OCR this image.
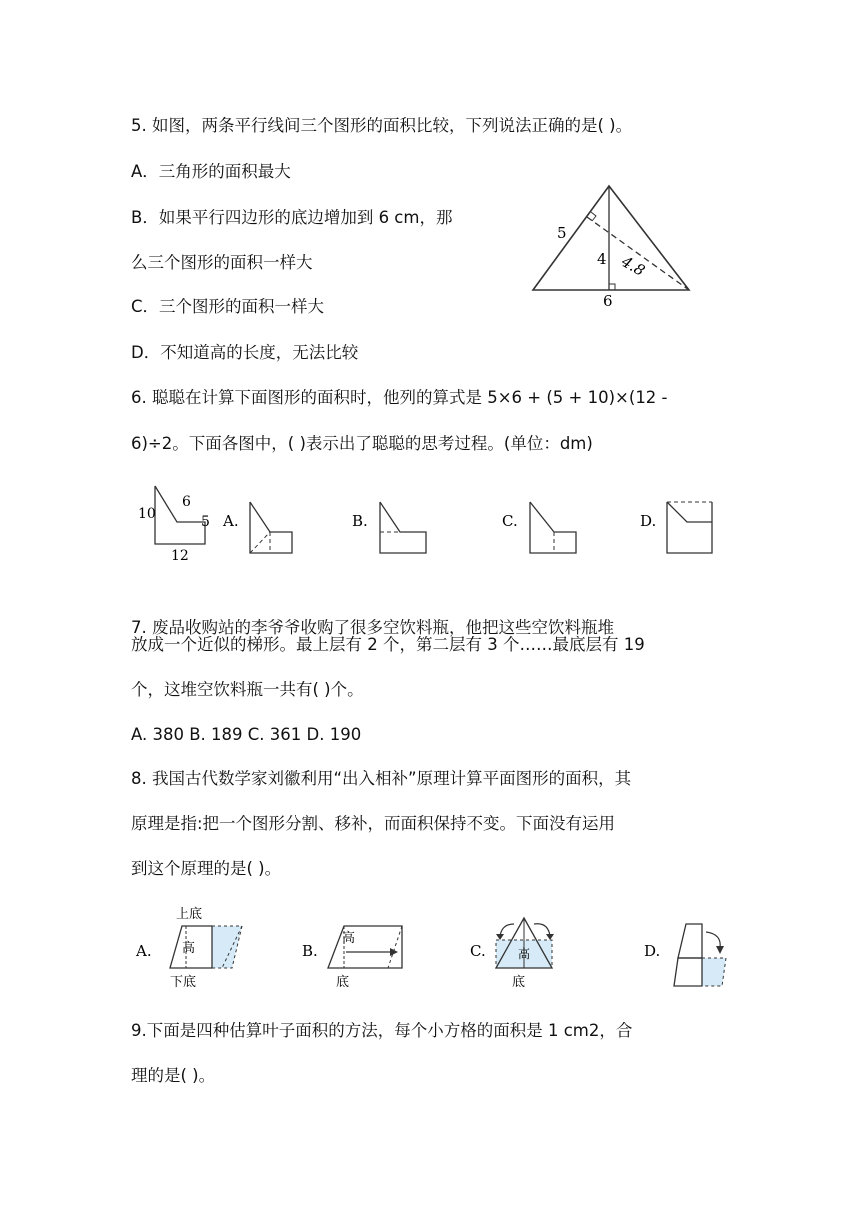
5. 如图，两条平行线间三个图形的面积比较，下列说法正确的是( )。
A．三角形的面积最大
B．如果平行四边形的底边增加到 6 cm，那
么三个图形的面积一样大
C．三个图形的面积一样大
D．不知道高的长度，无法比较
5
4 4.8
6
6. 聪聪在计算下面图形的面积时，他列的算式是 5×6 + (5 + 10)×(12 -
6)÷2。下面各图中，( )表示出了聪聪的思考过程。(单位：dm)
10
6
5
12
A.	B.	C.	D.
7. 废品收购站的李爷爷收购了很多空饮料瓶，他把这些空饮料瓶堆
放成一个近似的梯形。最上层有 2 个，第二层有 3 个……最底层有 19
个，这堆空饮料瓶一共有( )个。
A. 380 B. 189 C. 361 D. 190
8. 我国古代数学家刘徽利用“出入相补”原理计算平面图形的面积，其
原理是指:把一个图形分割、移补，而面积保持不变。下面没有运用
到这个原理的是( )。
A.
上底
高
下底
B.
高
底
C.	高
底
D.
9.下面是四种估算叶子面积的方法，每个小方格的面积是 1 cm2，合
理的是( )。
